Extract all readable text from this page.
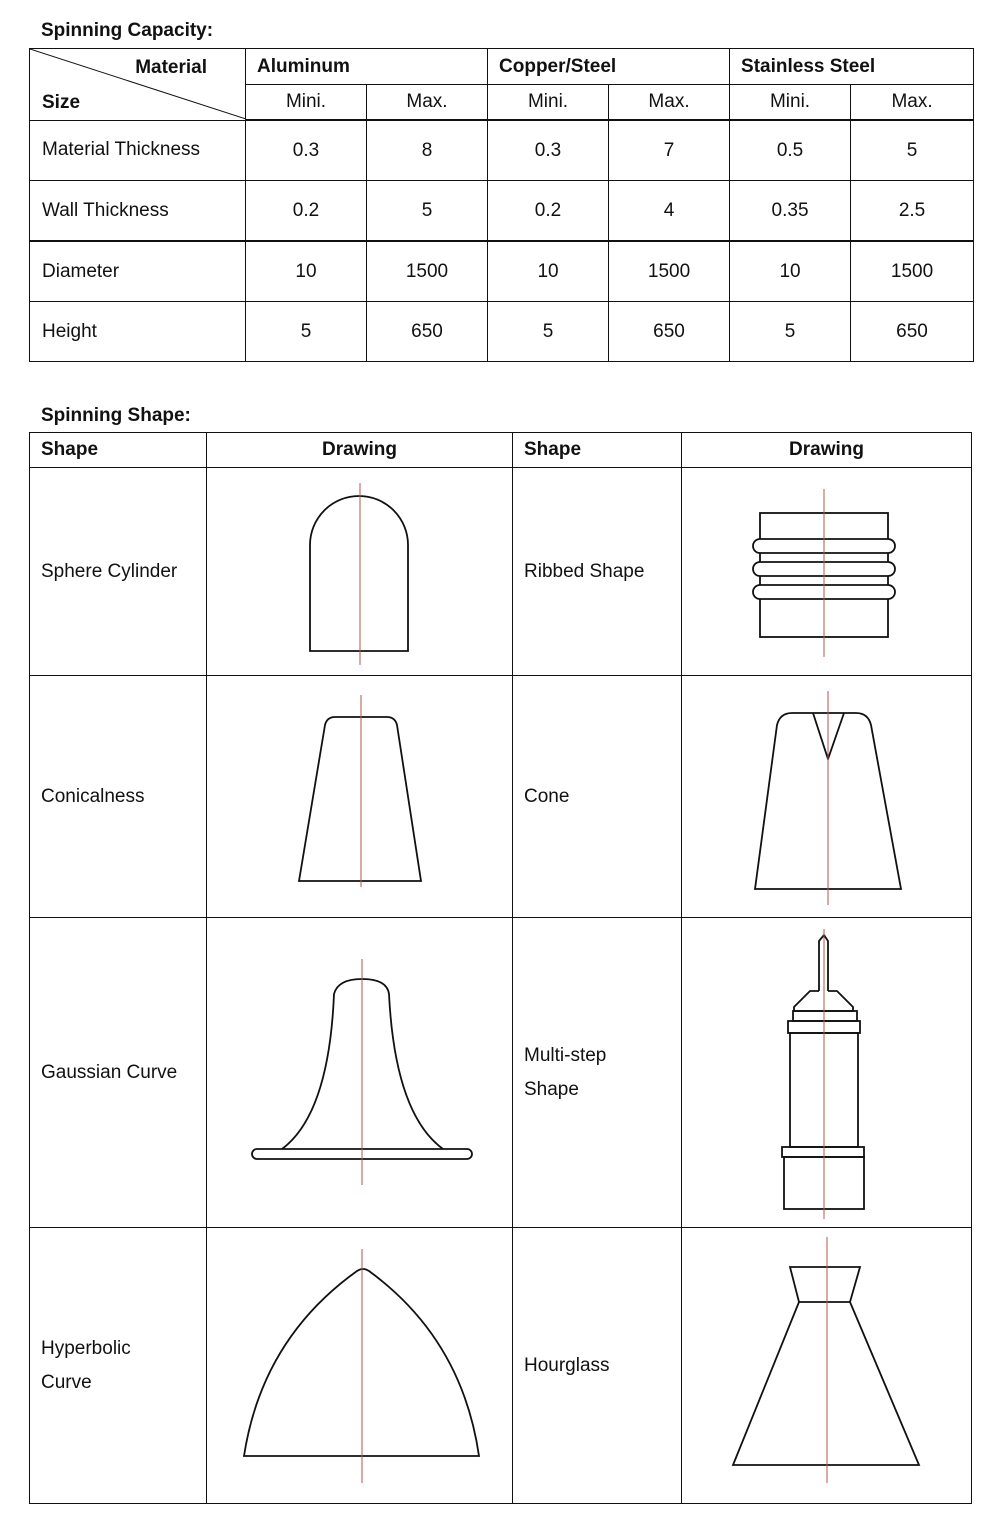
Spinning Capacity:
Material
Size	Aluminum		Copper/Steel		Stainless Steel	
	Mini.	Max.	Mini.	Max.	Mini.	Max.
Material Thickness	0.3	8	0.3	7	0.5	5
Wall Thickness	0.2	5	0.2	4	0.35	2.5
Diameter	10	1500	10	1500	10	1500
Height	5	650	5	650	5	650
Spinning Shape:
Shape	Drawing	Shape	Drawing
Sphere Cylinder		Ribbed Shape	

Conicalness		Cone	

Gaussian Curve		Multi-step
Shape	

Hyperbolic
Curve		Hourglass	
